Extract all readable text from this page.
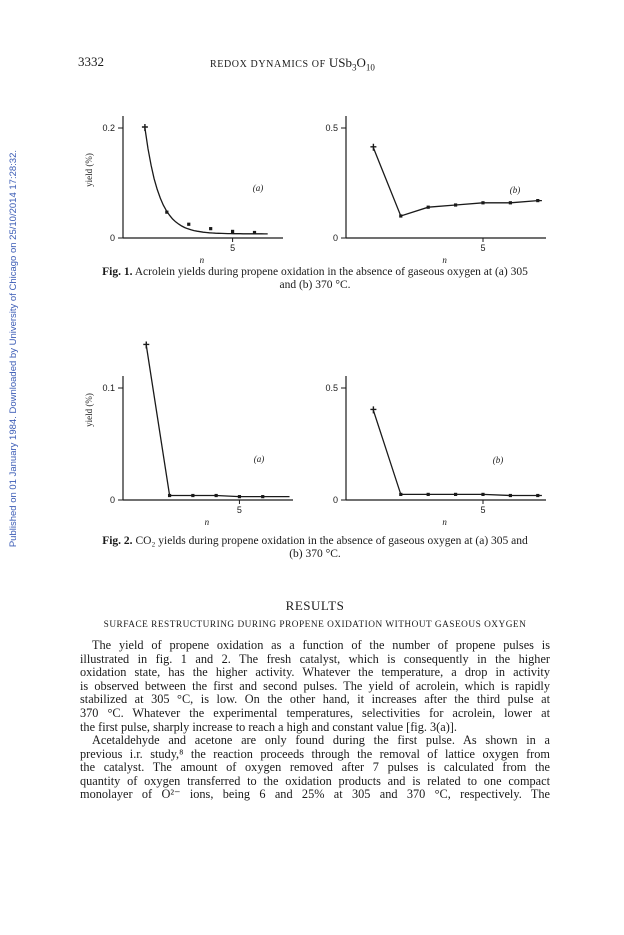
Published on 01 January 1984. Downloaded by University of Chicago on 25/10/2014 17:28:32.
3332	REDOX DYNAMICS OF $USb_3O_{10}$
0
0.2
5
n
yield (%)
(a)
0
0.5
5
n
(b)
Fig. 1. Acrolein yields during propene oxidation in the absence of gaseous oxygen at (a) 305
and (b) 370 °C.
0
0.1
5
n
yield (%)
(a)
0
0.5
5
n
(b)
Fig. 2. CO₂ yields during propene oxidation in the absence of gaseous oxygen at (a) 305 and
(b) 370 °C.
RESULTS
SURFACE RESTRUCTURING DURING PROPENE OXIDATION WITHOUT GASEOUS OXYGEN
The yield of propene oxidation as a function of the number of propene pulses is
illustrated in fig. 1 and 2. The fresh catalyst, which is consequently in the higher
oxidation state, has the higher activity. Whatever the temperature, a drop in activity
is observed between the first and second pulses. The yield of acrolein, which is rapidly
stabilized at 305 °C, is low. On the other hand, it increases after the third pulse at
370 °C. Whatever the experimental temperatures, selectivities for acrolein, lower at
the first pulse, sharply increase to reach a high and constant value [fig. 3(a)].
Acetaldehyde and acetone are only found during the first pulse. As shown in a
previous i.r. study,⁸ the reaction proceeds through the removal of lattice oxygen from
the catalyst. The amount of oxygen removed after 7 pulses is calculated from the
quantity of oxygen transferred to the oxidation products and is related to one compact
monolayer of O²⁻ ions, being 6 and 25% at 305 and 370 °C, respectively. The
